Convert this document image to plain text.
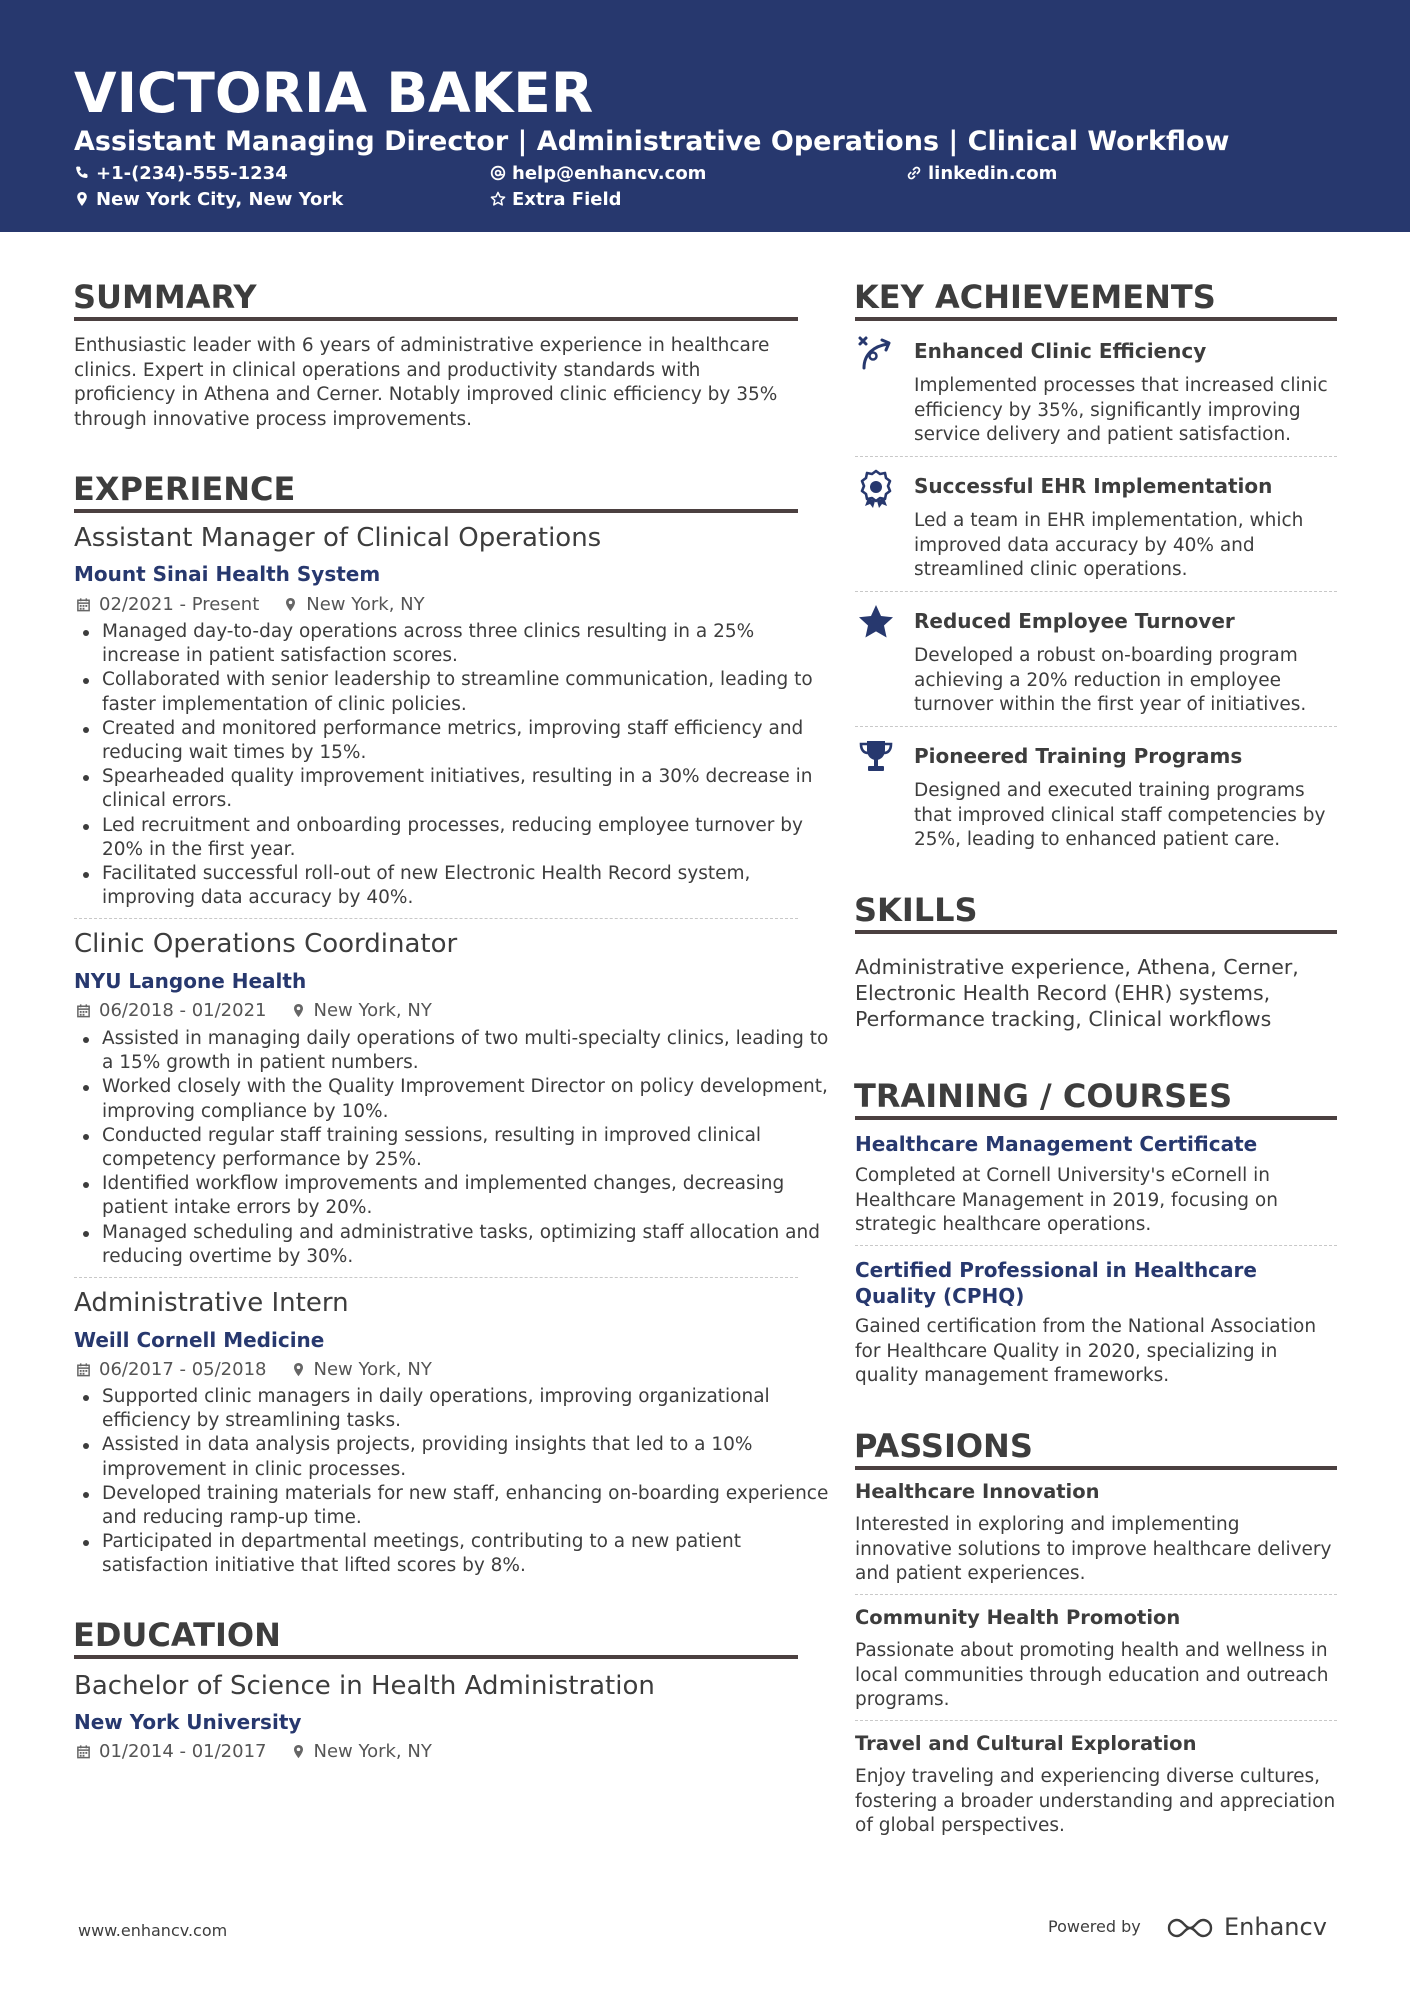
VICTORIA BAKER
Assistant Managing Director | Administrative Operations | Clinical Workflow
+1-(234)-555-1234	help@enhancv.com	linkedin.com
New York City, New York	Extra Field
SUMMARY
Enthusiastic leader with 6 years of administrative experience in healthcare clinics. Expert in clinical operations and productivity standards with proficiency in Athena and Cerner. Notably improved clinic efficiency by 35% through innovative process improvements.
EXPERIENCE
Assistant Manager of Clinical Operations
Mount Sinai Health System
02/2021 - Present	New York, NY
Managed day-to-day operations across three clinics resulting in a 25% increase in patient satisfaction scores.
Collaborated with senior leadership to streamline communication, leading to faster implementation of clinic policies.
Created and monitored performance metrics, improving staff efficiency and reducing wait times by 15%.
Spearheaded quality improvement initiatives, resulting in a 30% decrease in clinical errors.
Led recruitment and onboarding processes, reducing employee turnover by 20% in the first year.
Facilitated successful roll-out of new Electronic Health Record system, improving data accuracy by 40%.
Clinic Operations Coordinator
NYU Langone Health
06/2018 - 01/2021	New York, NY
Assisted in managing daily operations of two multi-specialty clinics, leading to a 15% growth in patient numbers.
Worked closely with the Quality Improvement Director on policy development, improving compliance by 10%.
Conducted regular staff training sessions, resulting in improved clinical competency performance by 25%.
Identified workflow improvements and implemented changes, decreasing patient intake errors by 20%.
Managed scheduling and administrative tasks, optimizing staff allocation and reducing overtime by 30%.
Administrative Intern
Weill Cornell Medicine
06/2017 - 05/2018	New York, NY
Supported clinic managers in daily operations, improving organizational efficiency by streamlining tasks.
Assisted in data analysis projects, providing insights that led to a 10% improvement in clinic processes.
Developed training materials for new staff, enhancing on-boarding experience and reducing ramp-up time.
Participated in departmental meetings, contributing to a new patient satisfaction initiative that lifted scores by 8%.
EDUCATION
Bachelor of Science in Health Administration
New York University
01/2014 - 01/2017	New York, NY
KEY ACHIEVEMENTS
Enhanced Clinic Efficiency
Implemented processes that increased clinic efficiency by 35%, significantly improving service delivery and patient satisfaction.
Successful EHR Implementation
Led a team in EHR implementation, which improved data accuracy by 40% and streamlined clinic operations.
Reduced Employee Turnover
Developed a robust on-boarding program achieving a 20% reduction in employee turnover within the first year of initiatives.
Pioneered Training Programs
Designed and executed training programs that improved clinical staff competencies by 25%, leading to enhanced patient care.
SKILLS
Administrative experience, Athena, Cerner, Electronic Health Record (EHR) systems, Performance tracking, Clinical workflows
TRAINING / COURSES
Healthcare Management Certificate
Completed at Cornell University's eCornell in Healthcare Management in 2019, focusing on strategic healthcare operations.
Certified Professional in Healthcare Quality (CPHQ)
Gained certification from the National Association for Healthcare Quality in 2020, specializing in quality management frameworks.
PASSIONS
Healthcare Innovation
Interested in exploring and implementing innovative solutions to improve healthcare delivery and patient experiences.
Community Health Promotion
Passionate about promoting health and wellness in local communities through education and outreach programs.
Travel and Cultural Exploration
Enjoy traveling and experiencing diverse cultures, fostering a broader understanding and appreciation of global perspectives.
www.enhancv.com	Powered by	Enhancv
